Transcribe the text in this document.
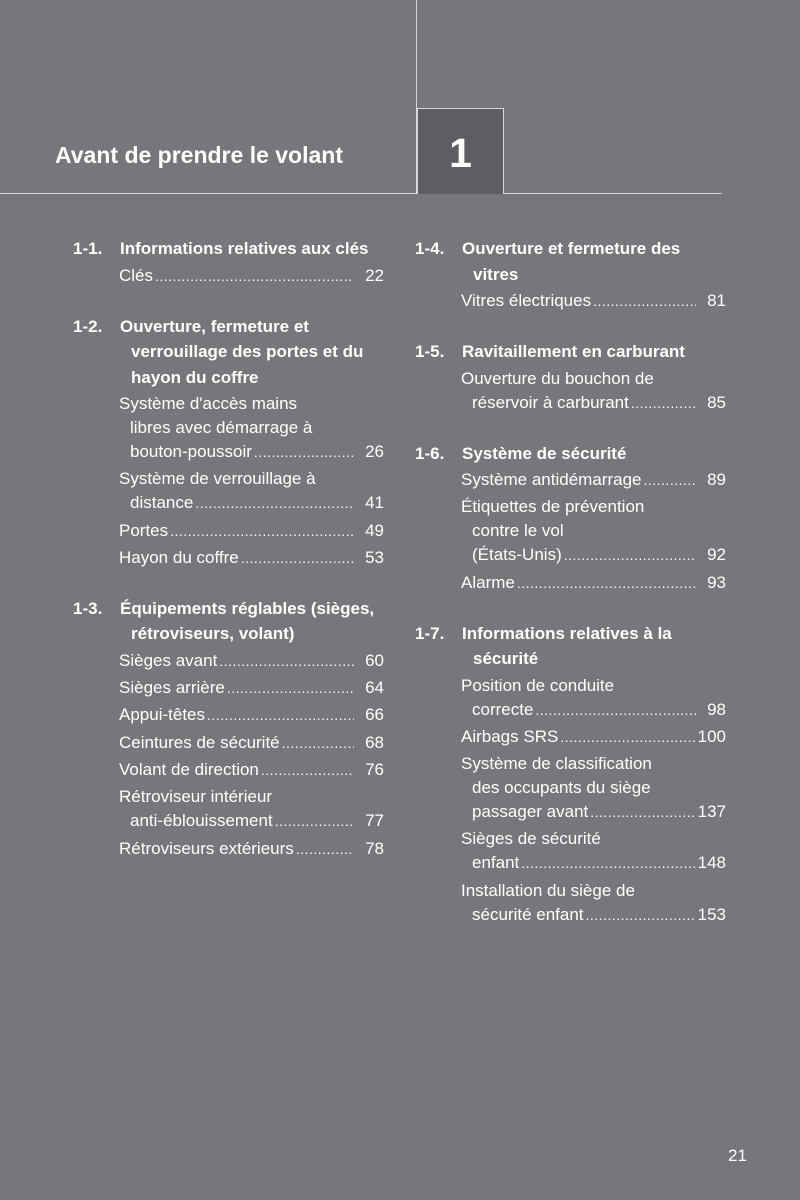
Avant de prendre le volant	1
1-1. Informations relatives aux clés
Clés .....	22
1-2. Ouverture, fermeture et verrouillage des portes et du hayon du coffre
Système d'accès mains
libres avec démarrage à
bouton-poussoir .....	26
Système de verrouillage à
distance .....	41
Portes .....	49
Hayon du coffre .....	53
1-3. Équipements réglables (sièges, rétroviseurs, volant)
Sièges avant .....	60
Sièges arrière .....	64
Appui-têtes .....	66
Ceintures de sécurité .....	68
Volant de direction .....	76
Rétroviseur intérieur
anti-éblouissement .....	77
Rétroviseurs extérieurs .....	78
1-4. Ouverture et fermeture des vitres
Vitres électriques .....	81
1-5. Ravitaillement en carburant
Ouverture du bouchon de
réservoir à carburant .....	85
1-6. Système de sécurité
Système antidémarrage .....	89
Étiquettes de prévention
contre le vol
(États-Unis) .....	92
Alarme .....	93
1-7. Informations relatives à la sécurité
Position de conduite
correcte .....	98
Airbags SRS .....	100
Système de classification
des occupants du siège
passager avant .....	137
Sièges de sécurité
enfant .....	148
Installation du siège de
sécurité enfant .....	153
21
